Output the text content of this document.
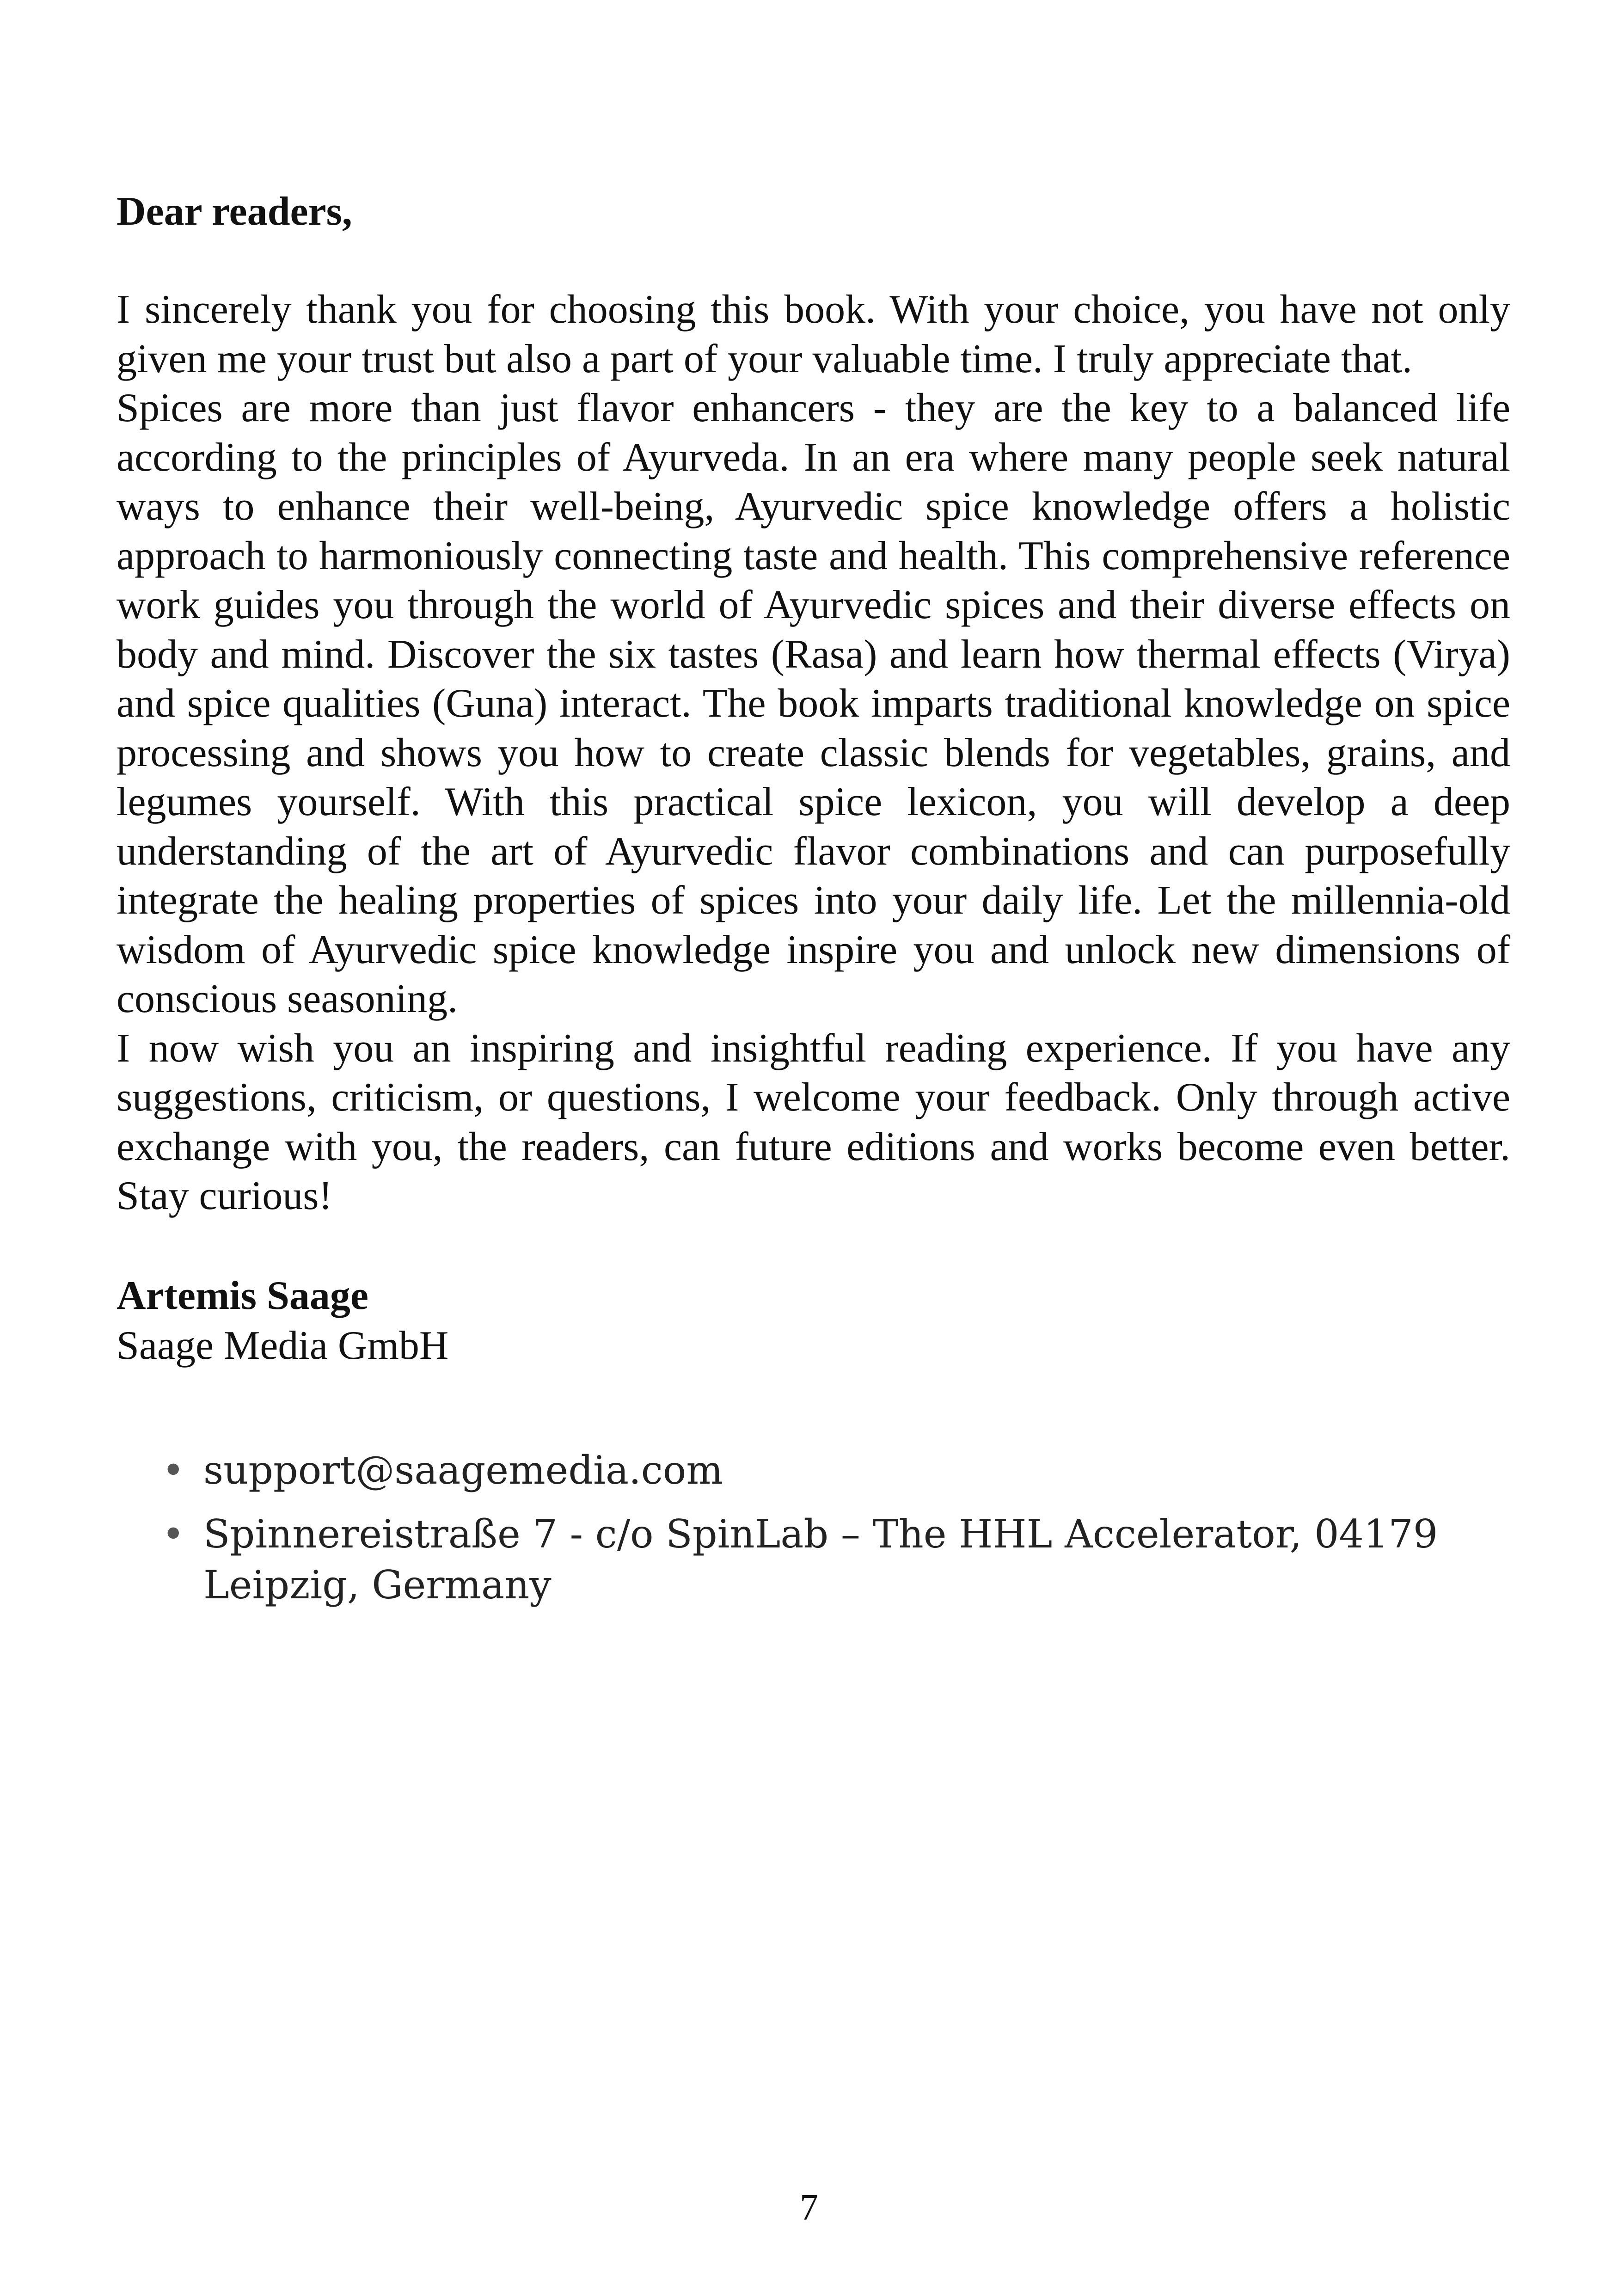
Dear readers,

I sincerely thank you for choosing this book. With your choice, you have not only given me your trust but also a part of your valuable time. I truly appreciate that.

Spices are more than just flavor enhancers - they are the key to a balanced life according to the principles of Ayurveda. In an era where many people seek natural ways to enhance their well-being, Ayurvedic spice knowledge offers a holistic approach to harmoniously connecting taste and health. This comprehensive reference work guides you through the world of Ayurvedic spices and their diverse effects on body and mind. Discover the six tastes (Rasa) and learn how thermal effects (Virya) and spice qualities (Guna) interact. The book imparts traditional knowledge on spice processing and shows you how to create classic blends for vegetables, grains, and legumes yourself. With this practical spice lexicon, you will develop a deep understanding of the art of Ayurvedic flavor combinations and can purposefully integrate the healing properties of spices into your daily life. Let the millennia-old wisdom of Ayurvedic spice knowledge inspire you and unlock new dimensions of conscious seasoning.

I now wish you an inspiring and insightful reading experience. If you have any suggestions, criticism, or questions, I welcome your feedback. Only through active exchange with you, the readers, can future editions and works become even better. Stay curious!

Artemis Saage

Saage Media GmbH

• support@saagemedia.com
• Spinnereistraße 7 - c/o SpinLab – The HHL Accelerator, 04179
Leipzig, Germany
7
